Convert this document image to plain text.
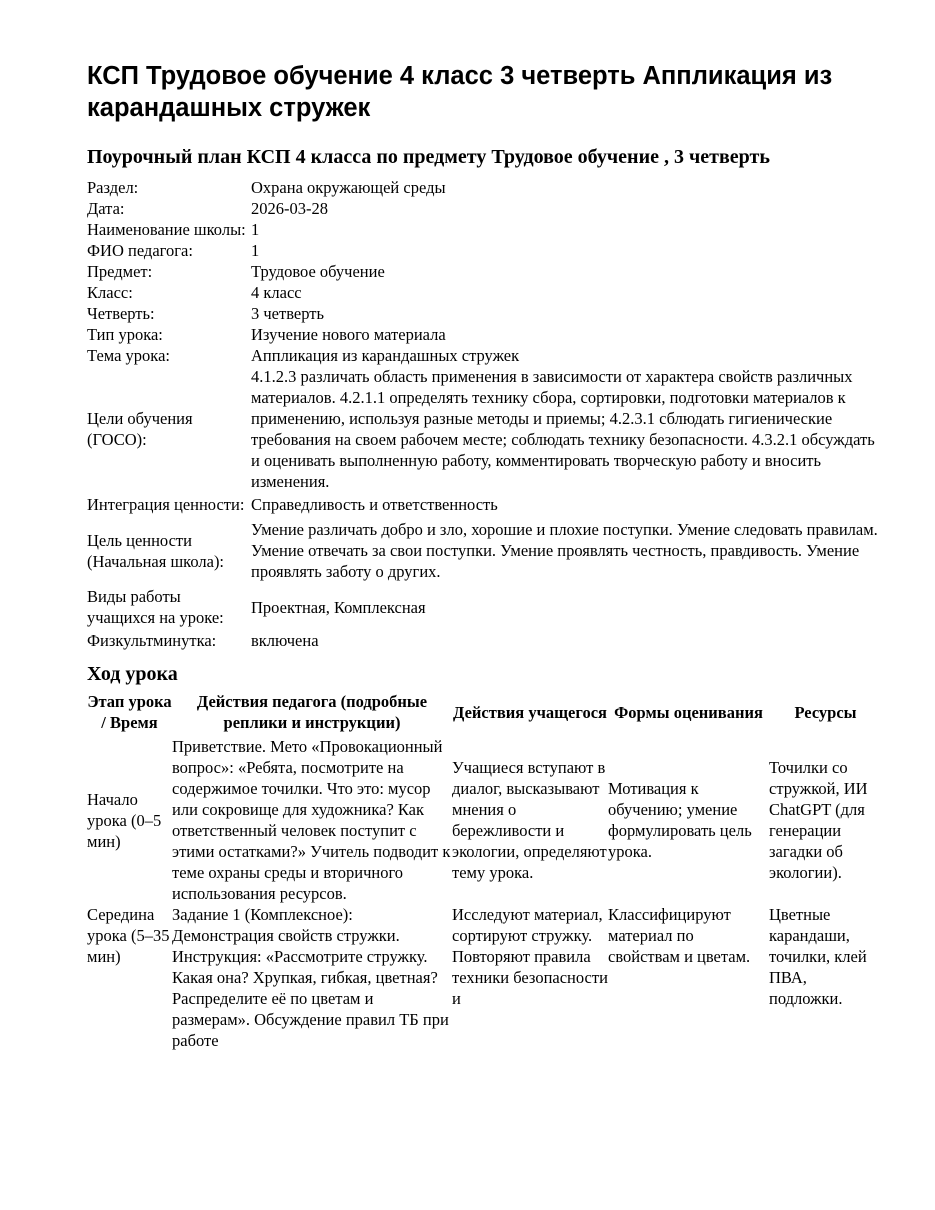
КСП Трудовое обучение 4 класс 3 четверть Аппликация из карандашных стружек
Поурочный план КСП 4 класса по предмету Трудовое обучение , 3 четверть
Раздел:	Охрана окружающей среды
Дата:	2026-03-28
Наименование школы:	1
ФИО педагога:	1
Предмет:	Трудовое обучение
Класс:	4 класс
Четверть:	3 четверть
Тип урока:	Изучение нового материала
Тема урока:	Аппликация из карандашных стружек
Цели обучения (ГОСО):	4.1.2.3 различать область применения в зависимости от характера свойств различных материалов. 4.2.1.1 определять технику сбора, сортировки, подготовки материалов к применению, используя разные методы и приемы; 4.2.3.1 сблюдать гигиенические требования на своем рабочем месте; соблюдать технику безопасности. 4.3.2.1 обсуждать и оценивать выполненную работу, комментировать творческую работу и вносить изменения.
Интеграция ценности:	Справедливость и ответственность
Цель ценности (Начальная школа):	Умение различать добро и зло, хорошие и плохие поступки. Умение следовать правилам. Умение отвечать за свои поступки. Умение проявлять честность, правдивость. Умение проявлять заботу о других.
Виды работы учащихся на уроке:	Проектная, Комплексная
Физкультминутка:	включена
Ход урока
Этап урока / Время	Действия педагога (подробные реплики и инструкции)	Действия учащегося	Формы оценивания	Ресурсы
Начало урока (0–5 мин)	Приветствие. Мето «Провокационный вопрос»: «Ребята, посмотрите на содержимое точилки. Что это: мусор или сокровище для художника? Как ответственный человек поступит с этими остатками?» Учитель подводит к теме охраны среды и вторичного использования ресурсов.	Учащиеся вступают в диалог, высказывают мнения о бережливости и экологии, определяют тему урока.	Мотивация к обучению; умение формулировать цель урока.	Точилки со стружкой, ИИ ChatGPT (для генерации загадки об экологии).
Середина урока (5–35 мин)	Задание 1 (Комплексное): Демонстрация свойств стружки. Инструкция: «Рассмотрите стружку. Какая она? Хрупкая, гибкая, цветная? Распределите её по цветам и размерам». Обсуждение правил ТБ при работе	Исследуют материал, сортируют стружку. Повторяют правила техники безопасности и	Классифицируют материал по свойствам и цветам.	Цветные карандаши, точилки, клей ПВА, подложки.
